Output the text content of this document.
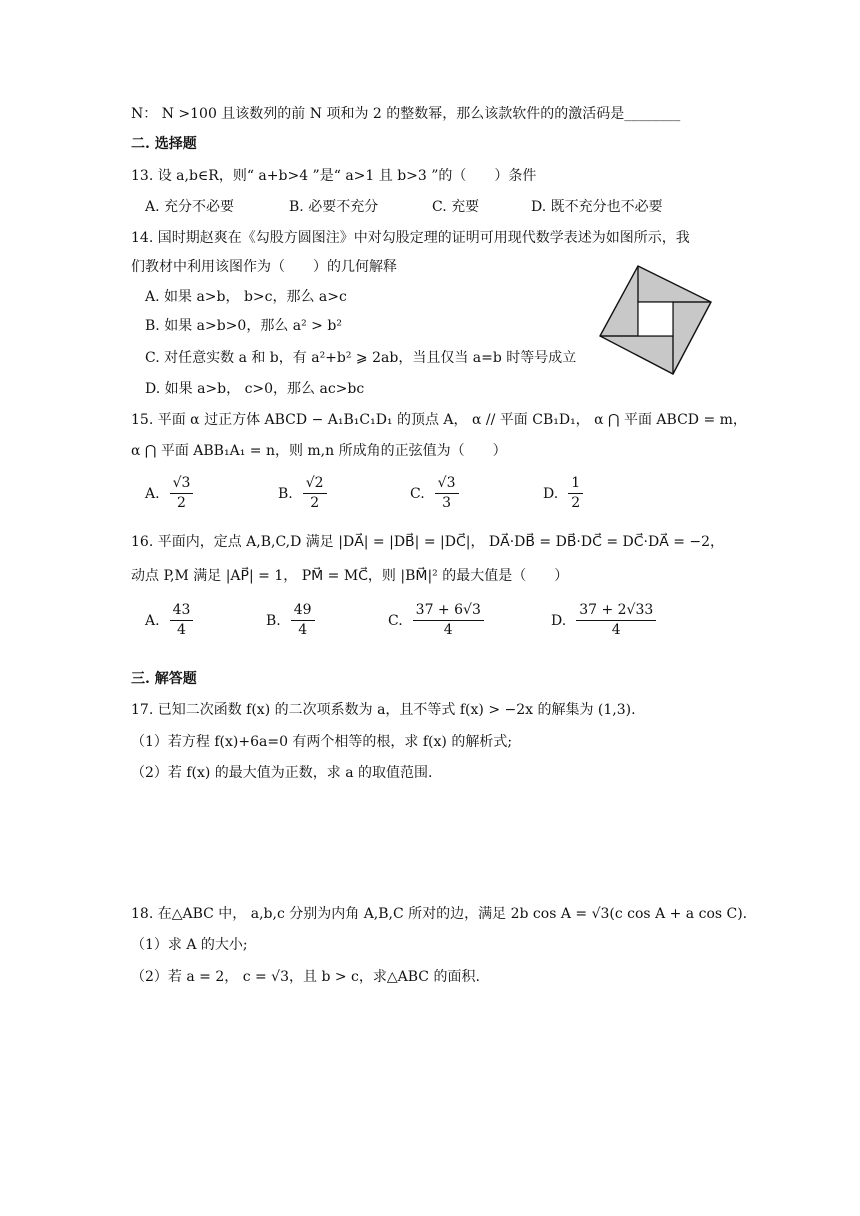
N： N >100 且该数列的前 N 项和为 2 的整数幂，那么该款软件的的激活码是________
二. 选择题
13. 设 a,b∈R，则“ a+b>4 ”是“ a>1 且 b>3 ”的（　　）条件
A. 充分不必要	B. 必要不充分	C. 充要	D. 既不充分也不必要
14. 国时期赵爽在《勾股方圆图注》中对勾股定理的证明可用现代数学表述为如图所示，我
们教材中利用该图作为（　　）的几何解释
A. 如果 a>b， b>c，那么 a>c
B. 如果 a>b>0，那么 a² > b²
C. 对任意实数 a 和 b，有 a²+b² ⩾ 2ab，当且仅当 a=b 时等号成立
D. 如果 a>b， c>0，那么 ac>bc
15. 平面 α 过正方体 ABCD − A₁B₁C₁D₁ 的顶点 A， α // 平面 CB₁D₁， α ⋂ 平面 ABCD = m，
α ⋂ 平面 ABB₁A₁ = n，则 m,n 所成角的正弦值为（　　）
A. $\frac{√3}{2}$	B. $\frac{√2}{2}$	C. $\frac{√3}{3}$	D. $\frac{1}{2}$
16. 平面内，定点 A,B,C,D 满足 |DA⃗| = |DB⃗| = |DC⃗|， DA⃗·DB⃗ = DB⃗·DC⃗ = DC⃗·DA⃗ = −2，
动点 P,M 满足 |AP⃗| = 1， PM⃗ = MC⃗，则 |BM⃗|² 的最大值是（　　）
A. $\frac{43}{4}$	B. $\frac{49}{4}$	C. $\frac{37 + 6√3}{4}$	D. $\frac{37 + 2√33}{4}$
三. 解答题
17. 已知二次函数 f(x) 的二次项系数为 a，且不等式 f(x) > −2x 的解集为 (1,3).
（1）若方程 f(x)+6a=0 有两个相等的根，求 f(x) 的解析式;
（2）若 f(x) 的最大值为正数，求 a 的取值范围.
18. 在△ABC 中， a,b,c 分别为内角 A,B,C 所对的边，满足 2b cos A = √3(c cos A + a cos C).
（1）求 A 的大小;
（2）若 a = 2， c = √3，且 b > c，求△ABC 的面积.
